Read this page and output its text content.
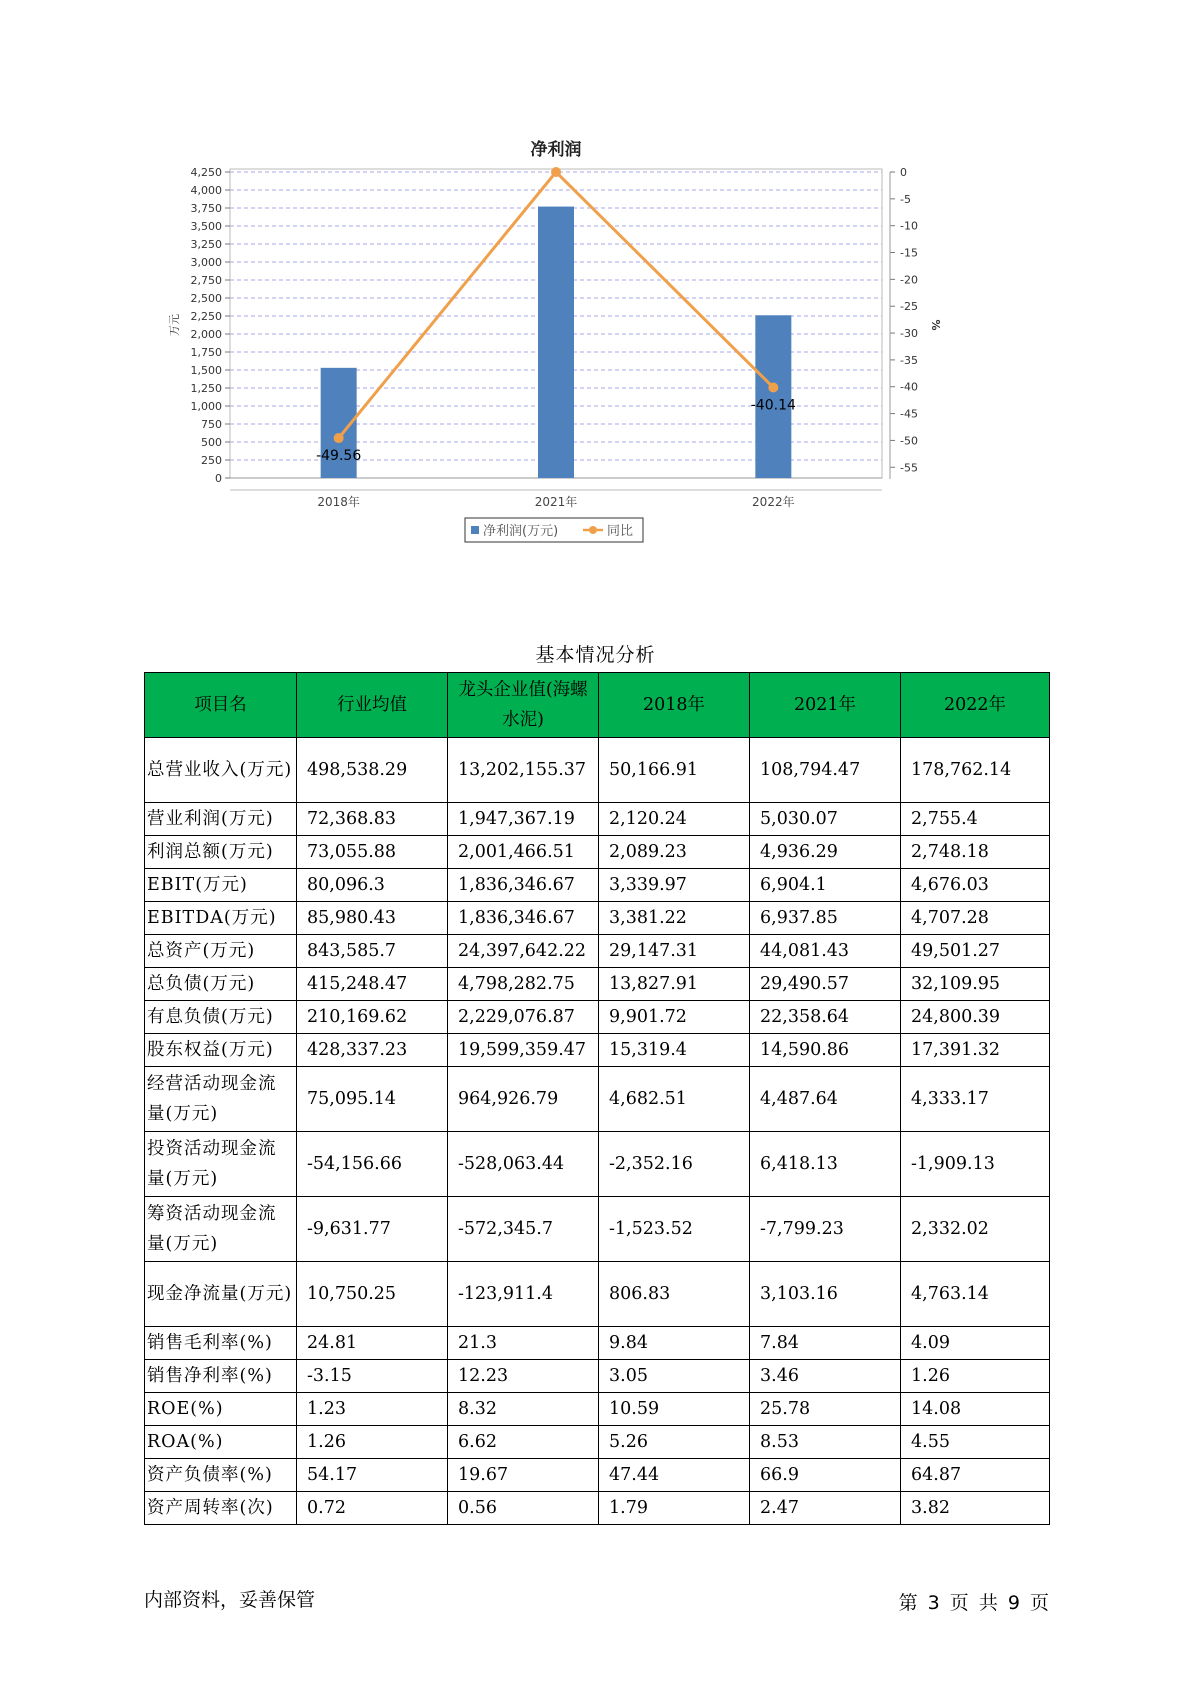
0
250
500
750
1,000
1,250
1,500
1,750
2,000
2,250
2,500
2,750
3,000
3,250
3,500
3,750
4,000
4,250	0
-5
-10
-15
-20
-25
-30
-35
-40
-45
-50
-55
万元	%
2018年	2021年	2022年
净利润
-49.56
-40.14
净利润(万元)	同比
基本情况分析
项目名	行业均值	龙头企业值(海螺水泥)	2018年	2021年	2022年
总营业收入(万元)	498,538.29	13,202,155.37	50,166.91	108,794.47	178,762.14
营业利润(万元)	72,368.83	1,947,367.19	2,120.24	5,030.07	2,755.4
利润总额(万元)	73,055.88	2,001,466.51	2,089.23	4,936.29	2,748.18
EBIT(万元)	80,096.3	1,836,346.67	3,339.97	6,904.1	4,676.03
EBITDA(万元)	85,980.43	1,836,346.67	3,381.22	6,937.85	4,707.28
总资产(万元)	843,585.7	24,397,642.22	29,147.31	44,081.43	49,501.27
总负债(万元)	415,248.47	4,798,282.75	13,827.91	29,490.57	32,109.95
有息负债(万元)	210,169.62	2,229,076.87	9,901.72	22,358.64	24,800.39
股东权益(万元)	428,337.23	19,599,359.47	15,319.4	14,590.86	17,391.32
经营活动现金流量(万元)	75,095.14	964,926.79	4,682.51	4,487.64	4,333.17
投资活动现金流量(万元)	-54,156.66	-528,063.44	-2,352.16	6,418.13	-1,909.13
筹资活动现金流量(万元)	-9,631.77	-572,345.7	-1,523.52	-7,799.23	2,332.02
现金净流量(万元)	10,750.25	-123,911.4	806.83	3,103.16	4,763.14
销售毛利率(%)	24.81	21.3	9.84	7.84	4.09
销售净利率(%)	-3.15	12.23	3.05	3.46	1.26
ROE(%)	1.23	8.32	10.59	25.78	14.08
ROA(%)	1.26	6.62	5.26	8.53	4.55
资产负债率(%)	54.17	19.67	47.44	66.9	64.87
资产周转率(次)	0.72	0.56	1.79	2.47	3.82
内部资料，妥善保管	第 3 页 共 9 页
